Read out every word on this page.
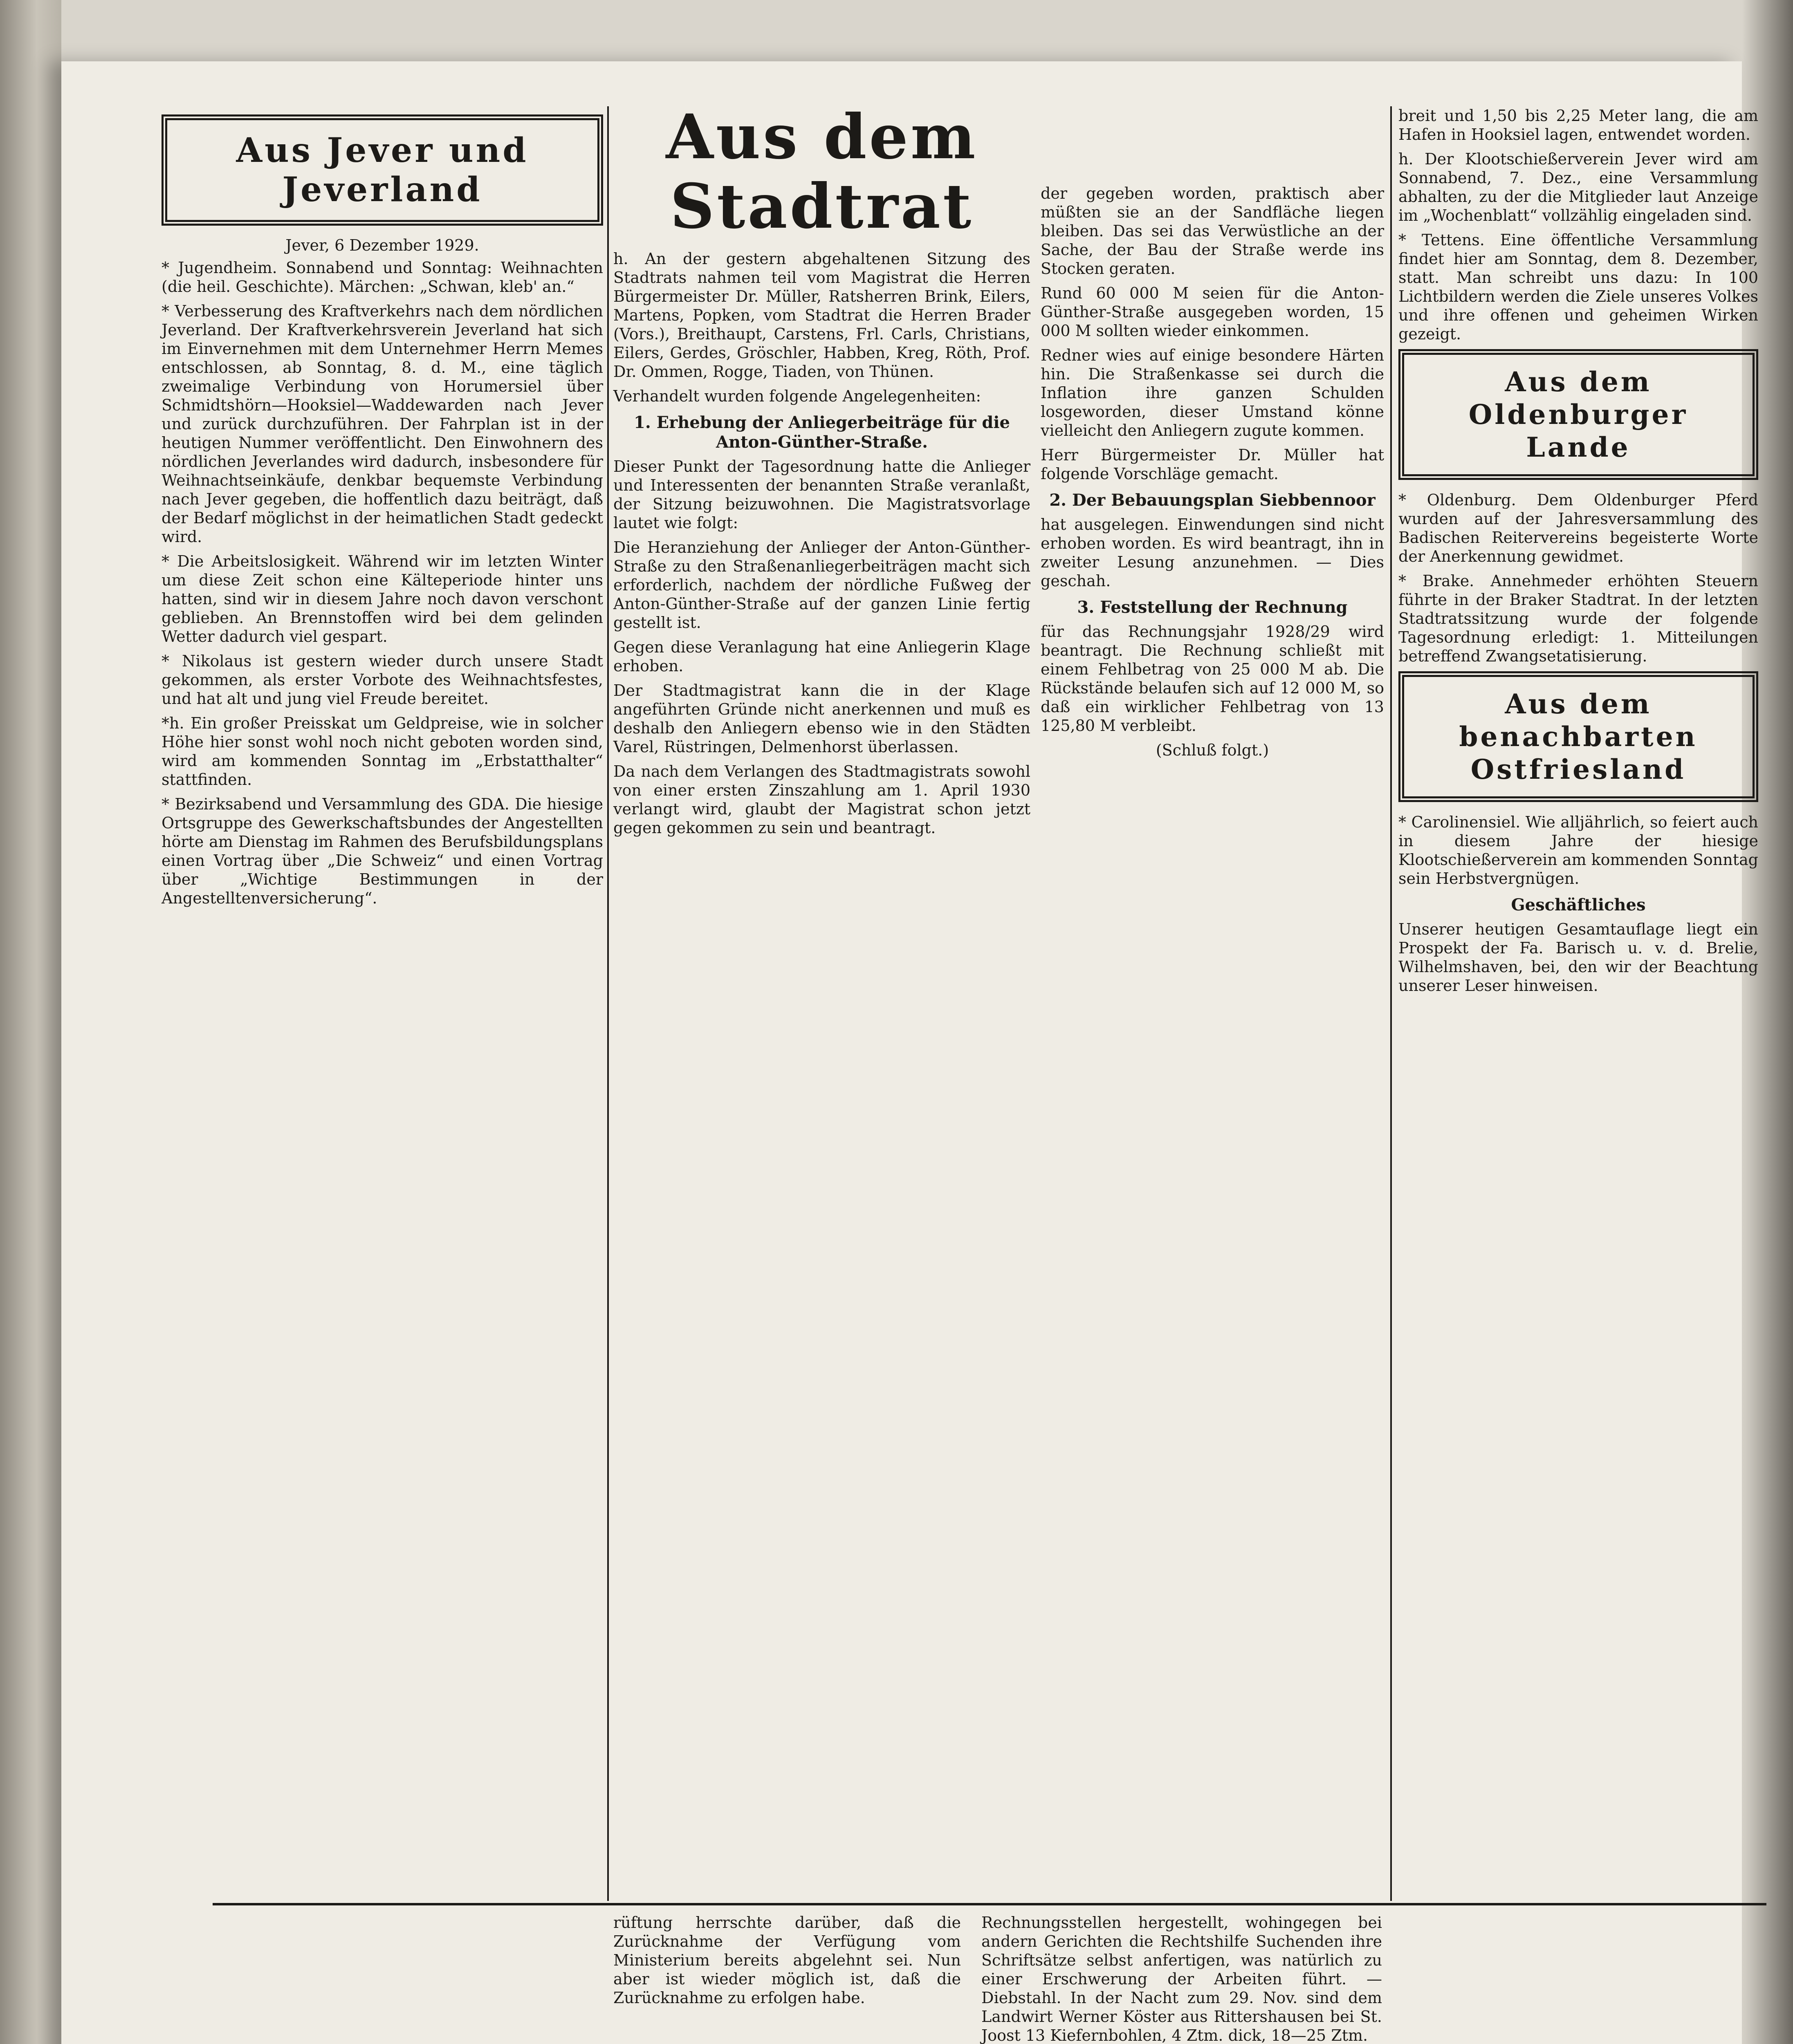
Aus Jever und Jeverland
Jever, 6 Dezember 1929.

* Jugendheim. Sonnabend und Sonntag: Weihnachten (die heil. Geschichte). Märchen: „Schwan, kleb' an.“

* Verbesserung des Kraftverkehrs nach dem nördlichen Jeverland. Der Kraftverkehrsverein Jeverland hat sich im Einvernehmen mit dem Unternehmer Herrn Memes entschlossen, ab Sonntag, 8. d. M., eine täglich zweimalige Verbindung von Horumersiel über Schmidtshörn—Hooksiel—Waddewarden nach Jever und zurück durchzuführen. Der Fahrplan ist in der heutigen Nummer veröffentlicht. Den Einwohnern des nördlichen Jeverlandes wird dadurch, insbesondere für Weihnachtseinkäufe, denkbar bequemste Verbindung nach Jever gegeben, die hoffentlich dazu beiträgt, daß der Bedarf möglichst in der heimatlichen Stadt gedeckt wird.

* Die Arbeitslosigkeit. Während wir im letzten Winter um diese Zeit schon eine Kälteperiode hinter uns hatten, sind wir in diesem Jahre noch davon verschont geblieben. An Brennstoffen wird bei dem gelinden Wetter dadurch viel gespart.

* Nikolaus ist gestern wieder durch unsere Stadt gekommen, als erster Vorbote des Weihnachtsfestes, und hat alt und jung viel Freude bereitet.

*h. Ein großer Preisskat um Geldpreise, wie in solcher Höhe hier sonst wohl noch nicht geboten worden sind, wird am kommenden Sonntag im „Erbstatthalter“ stattfinden.

* Bezirksabend und Versammlung des GDA. Die hiesige Ortsgruppe des Gewerkschaftsbundes der Angestellten hörte am Dienstag im Rahmen des Berufsbildungsplans einen Vortrag über „Die Schweiz“ und einen Vortrag über „Wichtige Bestimmungen in der Angestelltenversicherung“.

Aus dem Stadtrat

h. An der gestern abgehaltenen Sitzung des Stadtrats nahmen teil vom Magistrat die Herren Bürgermeister Dr. Müller, Ratsherren Brink, Eilers, Martens, Popken, vom Stadtrat die Herren Brader (Vors.), Breithaupt, Carstens, Frl. Carls, Christians, Eilers, Gerdes, Gröschler, Habben, Kreg, Röth, Prof. Dr. Ommen, Rogge, Tiaden, von Thünen.

Verhandelt wurden folgende Angelegenheiten:

1. Erhebung der Anliegerbeiträge für die Anton-Günther-Straße.

Dieser Punkt der Tagesordnung hatte die Anlieger und Interessenten der benannten Straße veranlaßt, der Sitzung beizuwohnen. Die Magistratsvorlage lautet wie folgt:

Die Heranziehung der Anlieger der Anton-Günther-Straße zu den Straßenanliegerbeiträgen macht sich erforderlich, nachdem der nördliche Fußweg der Anton-Günther-Straße auf der ganzen Linie fertig gestellt ist.

Gegen diese Veranlagung hat eine Anliegerin Klage erhoben.

Der Stadtmagistrat kann die in der Klage angeführten Gründe nicht anerkennen und muß es deshalb den Anliegern ebenso wie in den Städten Varel, Rüstringen, Delmenhorst überlassen.

Da nach dem Verlangen des Stadtmagistrats sowohl von einer ersten Zinszahlung am 1. April 1930 verlangt wird, glaubt der Magistrat schon jetzt gegen gekommen zu sein und beantragt.

der gegeben worden, praktisch aber müßten sie an der Sandfläche liegen bleiben. Das sei das Verwüstliche an der Sache, der Bau der Straße werde ins Stocken geraten.

Rund 60 000 M seien für die Anton-Günther-Straße ausgegeben worden, 15 000 M sollten wieder einkommen.

Redner wies auf einige besondere Härten hin. Die Straßenkasse sei durch die Inflation ihre ganzen Schulden losgeworden, dieser Umstand könne vielleicht den Anliegern zugute kommen.

Herr Bürgermeister Dr. Müller hat folgende Vorschläge gemacht.

2. Der Bebauungsplan Siebbennoor

hat ausgelegen. Einwendungen sind nicht erhoben worden. Es wird beantragt, ihn in zweiter Lesung anzunehmen. — Dies geschah.

3. Feststellung der Rechnung

für das Rechnungsjahr 1928/29 wird beantragt. Die Rechnung schließt mit einem Fehlbetrag von 25 000 M ab. Die Rückstände belaufen sich auf 12 000 M, so daß ein wirklicher Fehlbetrag von 13 125,80 M verbleibt.

(Schluß folgt.)

breit und 1,50 bis 2,25 Meter lang, die am Hafen in Hooksiel lagen, entwendet worden.

h. Der Klootschießerverein Jever wird am Sonnabend, 7. Dez., eine Versammlung abhalten, zu der die Mitglieder laut Anzeige im „Wochenblatt“ vollzählig eingeladen sind.

* Tettens. Eine öffentliche Versammlung findet hier am Sonntag, dem 8. Dezember, statt. Man schreibt uns dazu: In 100 Lichtbildern werden die Ziele unseres Volkes und ihre offenen und geheimen Wirken gezeigt.

Aus dem Oldenburger Lande

* Oldenburg. Dem Oldenburger Pferd wurden auf der Jahresversammlung des Badischen Reitervereins begeisterte Worte der Anerkennung gewidmet.

* Brake. Annehmeder erhöhten Steuern führte in der Braker Stadtrat. In der letzten Stadtratssitzung wurde der folgende Tagesordnung erledigt: 1. Mitteilungen betreffend Zwangsetatisierung.

Aus dem benachbarten Ostfriesland

* Carolinensiel. Wie alljährlich, so feiert auch in diesem Jahre der hiesige Klootschießerverein am kommenden Sonntag sein Herbstvergnügen.

Geschäftliches

Unserer heutigen Gesamtauflage liegt ein Prospekt der Fa. Barisch u. v. d. Brelie, Wilhelmshaven, bei, den wir der Beachtung unserer Leser hinweisen.

rüftung herrschte darüber, daß die Zurücknahme der Verfügung vom Ministerium bereits abgelehnt sei. Nun aber ist wieder möglich ist, daß die Zurücknahme zu erfolgen habe.

Rechnungsstellen hergestellt, wohingegen bei andern Gerichten die Rechtshilfe Suchenden ihre Schriftsätze selbst anfertigen, was natürlich zu einer Erschwerung der Arbeiten führt. — Diebstahl. In der Nacht zum 29. Nov. sind dem Landwirt Werner Köster aus Rittershausen bei St. Joost 13 Kiefernbohlen, 4 Ztm. dick, 18—25 Ztm.
